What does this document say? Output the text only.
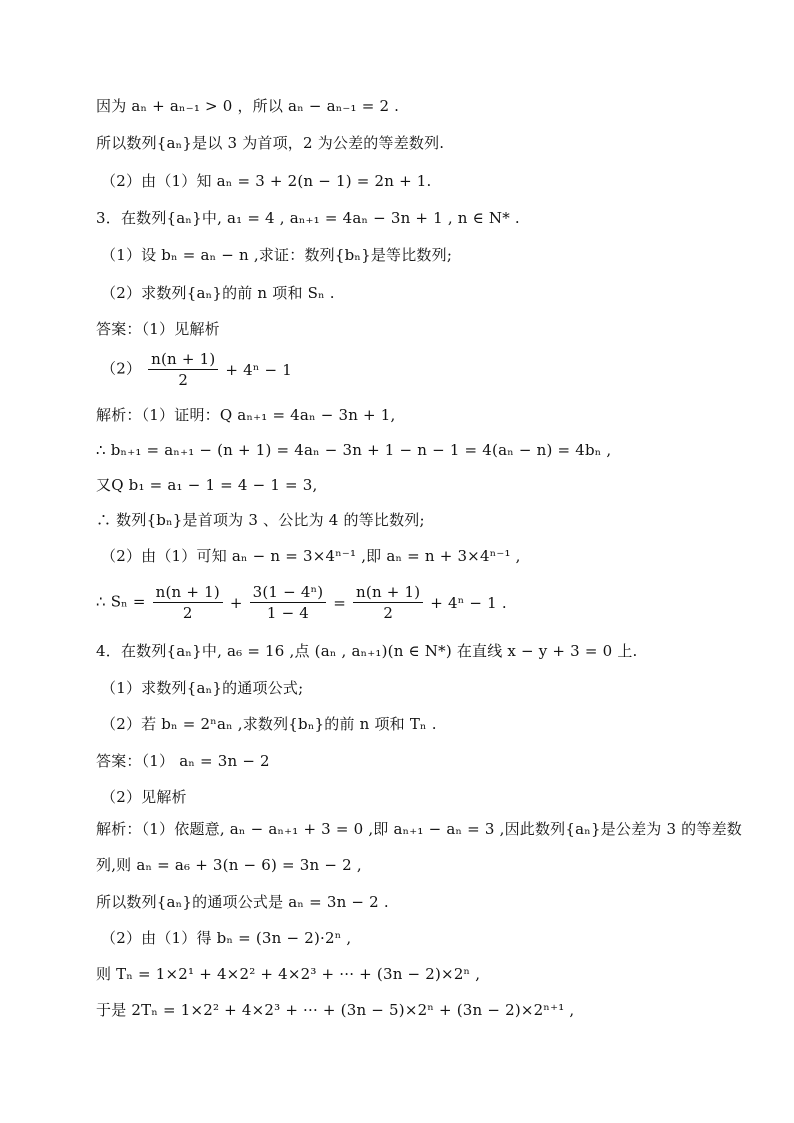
因为 aₙ + aₙ₋₁ > 0 ，所以 aₙ − aₙ₋₁ = 2 .
所以数列{aₙ}是以 3 为首项，2 为公差的等差数列.
（2）由（1）知 aₙ = 3 + 2(n − 1) = 2n + 1.
3．在数列{aₙ}中, a₁ = 4 , aₙ₊₁ = 4aₙ − 3n + 1 , n ∈ N* .
（1）设 bₙ = aₙ − n ,求证：数列{bₙ}是等比数列;
（2）求数列{aₙ}的前 n 项和 Sₙ .
答案：（1）见解析
$(2) \frac{n(n + 1)}{2} + 4^n - 1$
解析：（1）证明：Q aₙ₊₁ = 4aₙ − 3n + 1,
∴ bₙ₊₁ = aₙ₊₁ − (n + 1) = 4aₙ − 3n + 1 − n − 1 = 4(aₙ − n) = 4bₙ ,
又Q b₁ = a₁ − 1 = 4 − 1 = 3,
∴ 数列{bₙ}是首项为 3 、公比为 4 的等比数列;
（2）由（1）可知 aₙ − n = 3×4ⁿ⁻¹ ,即 aₙ = n + 3×4ⁿ⁻¹ ,
∴ $S_n = \frac{n(n + 1)}{2} + \frac{\text{3(1 − 4ⁿ)}}{1 - 4} = \frac{n(n + 1)}{2} + 4^n - 1$ .
4．在数列{aₙ}中, a₆ = 16 ,点 (aₙ , aₙ₊₁)(n ∈ N*) 在直线 x − y + 3 = 0 上.
（1）求数列{aₙ}的通项公式;
（2）若 bₙ = 2ⁿaₙ ,求数列{bₙ}的前 n 项和 Tₙ .
答案：（1） aₙ = 3n − 2
（2）见解析
解析：（1）依题意, aₙ − aₙ₊₁ + 3 = 0 ,即 aₙ₊₁ − aₙ = 3 ,因此数列{aₙ}是公差为 3 的等差数
列,则 aₙ = a₆ + 3(n − 6) = 3n − 2 ,
所以数列{aₙ}的通项公式是 aₙ = 3n − 2 .
（2）由（1）得 bₙ = (3n − 2)·2ⁿ ,
则 Tₙ = 1×2¹ + 4×2² + 4×2³ + ··· + (3n − 2)×2ⁿ ,
于是 2Tₙ = 1×2² + 4×2³ + ··· + (3n − 5)×2ⁿ + (3n − 2)×2ⁿ⁺¹ ,
